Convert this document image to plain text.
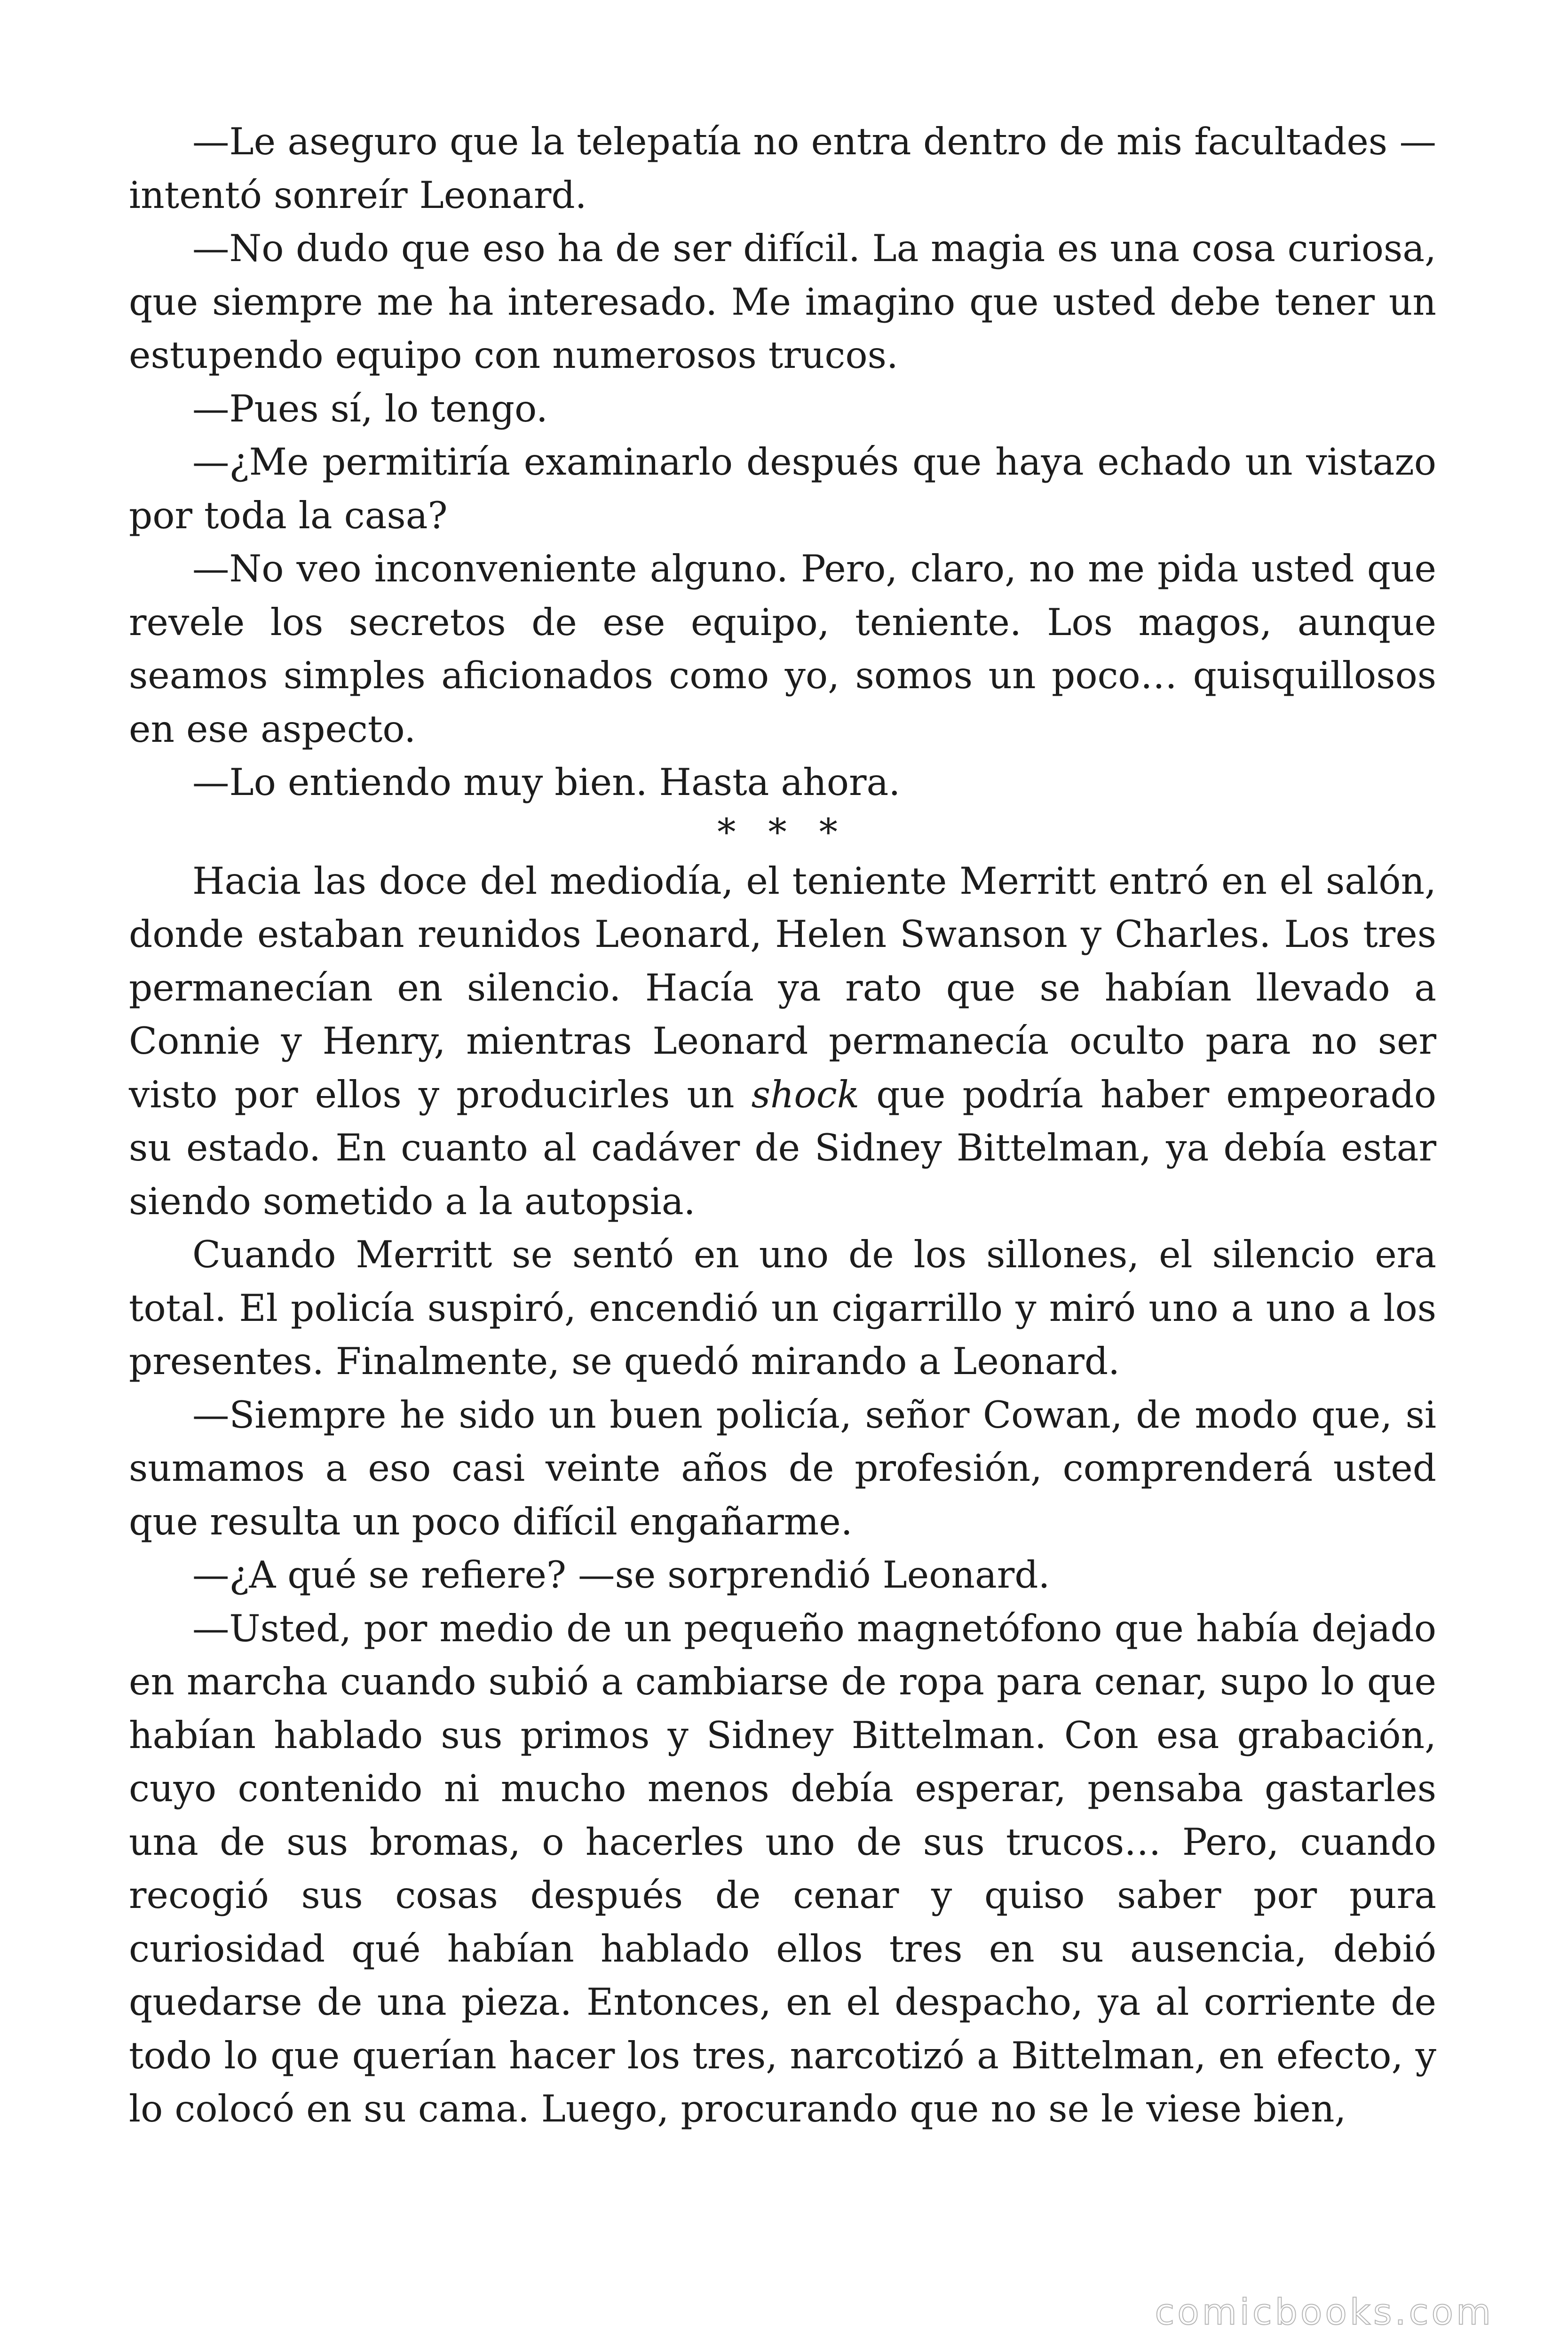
—Le aseguro que la telepatía no entra dentro de mis facultades —intentó sonreír Leonard.

—No dudo que eso ha de ser difícil. La magia es una cosa curiosa, que siempre me ha interesado. Me imagino que usted debe tener un estupendo equipo con numerosos trucos.

—Pues sí, lo tengo.

—¿Me permitiría examinarlo después que haya echado un vistazo por toda la casa?

—No veo inconveniente alguno. Pero, claro, no me pida usted que revele los secretos de ese equipo, teniente. Los magos, aunque seamos simples aficionados como yo, somos un poco… quisquillosos en ese aspecto.

—Lo entiendo muy bien. Hasta ahora.

* * *

Hacia las doce del mediodía, el teniente Merritt entró en el salón, donde estaban reunidos Leonard, Helen Swanson y Charles. Los tres permanecían en silencio. Hacía ya rato que se habían llevado a Connie y Henry, mientras Leonard permanecía oculto para no ser visto por ellos y producirles un shock que podría haber empeorado su estado. En cuanto al cadáver de Sidney Bittelman, ya debía estar siendo sometido a la autopsia.

Cuando Merritt se sentó en uno de los sillones, el silencio era total. El policía suspiró, encendió un cigarrillo y miró uno a uno a los presentes. Finalmente, se quedó mirando a Leonard.

—Siempre he sido un buen policía, señor Cowan, de modo que, si sumamos a eso casi veinte años de profesión, comprenderá usted que resulta un poco difícil engañarme.

—¿A qué se refiere? —se sorprendió Leonard.

—Usted, por medio de un pequeño magnetófono que había dejado en marcha cuando subió a cambiarse de ropa para cenar, supo lo que habían hablado sus primos y Sidney Bittelman. Con esa grabación, cuyo contenido ni mucho menos debía esperar, pensaba gastarles una de sus bromas, o hacerles uno de sus trucos… Pero, cuando recogió sus cosas después de cenar y quiso saber por pura curiosidad qué habían hablado ellos tres en su ausencia, debió quedarse de una pieza. Entonces, en el despacho, ya al corriente de todo lo que querían hacer los tres, narcotizó a Bittelman, en efecto, y lo colocó en su cama. Luego, procurando que no se le viese bien,

comicbooks.com
